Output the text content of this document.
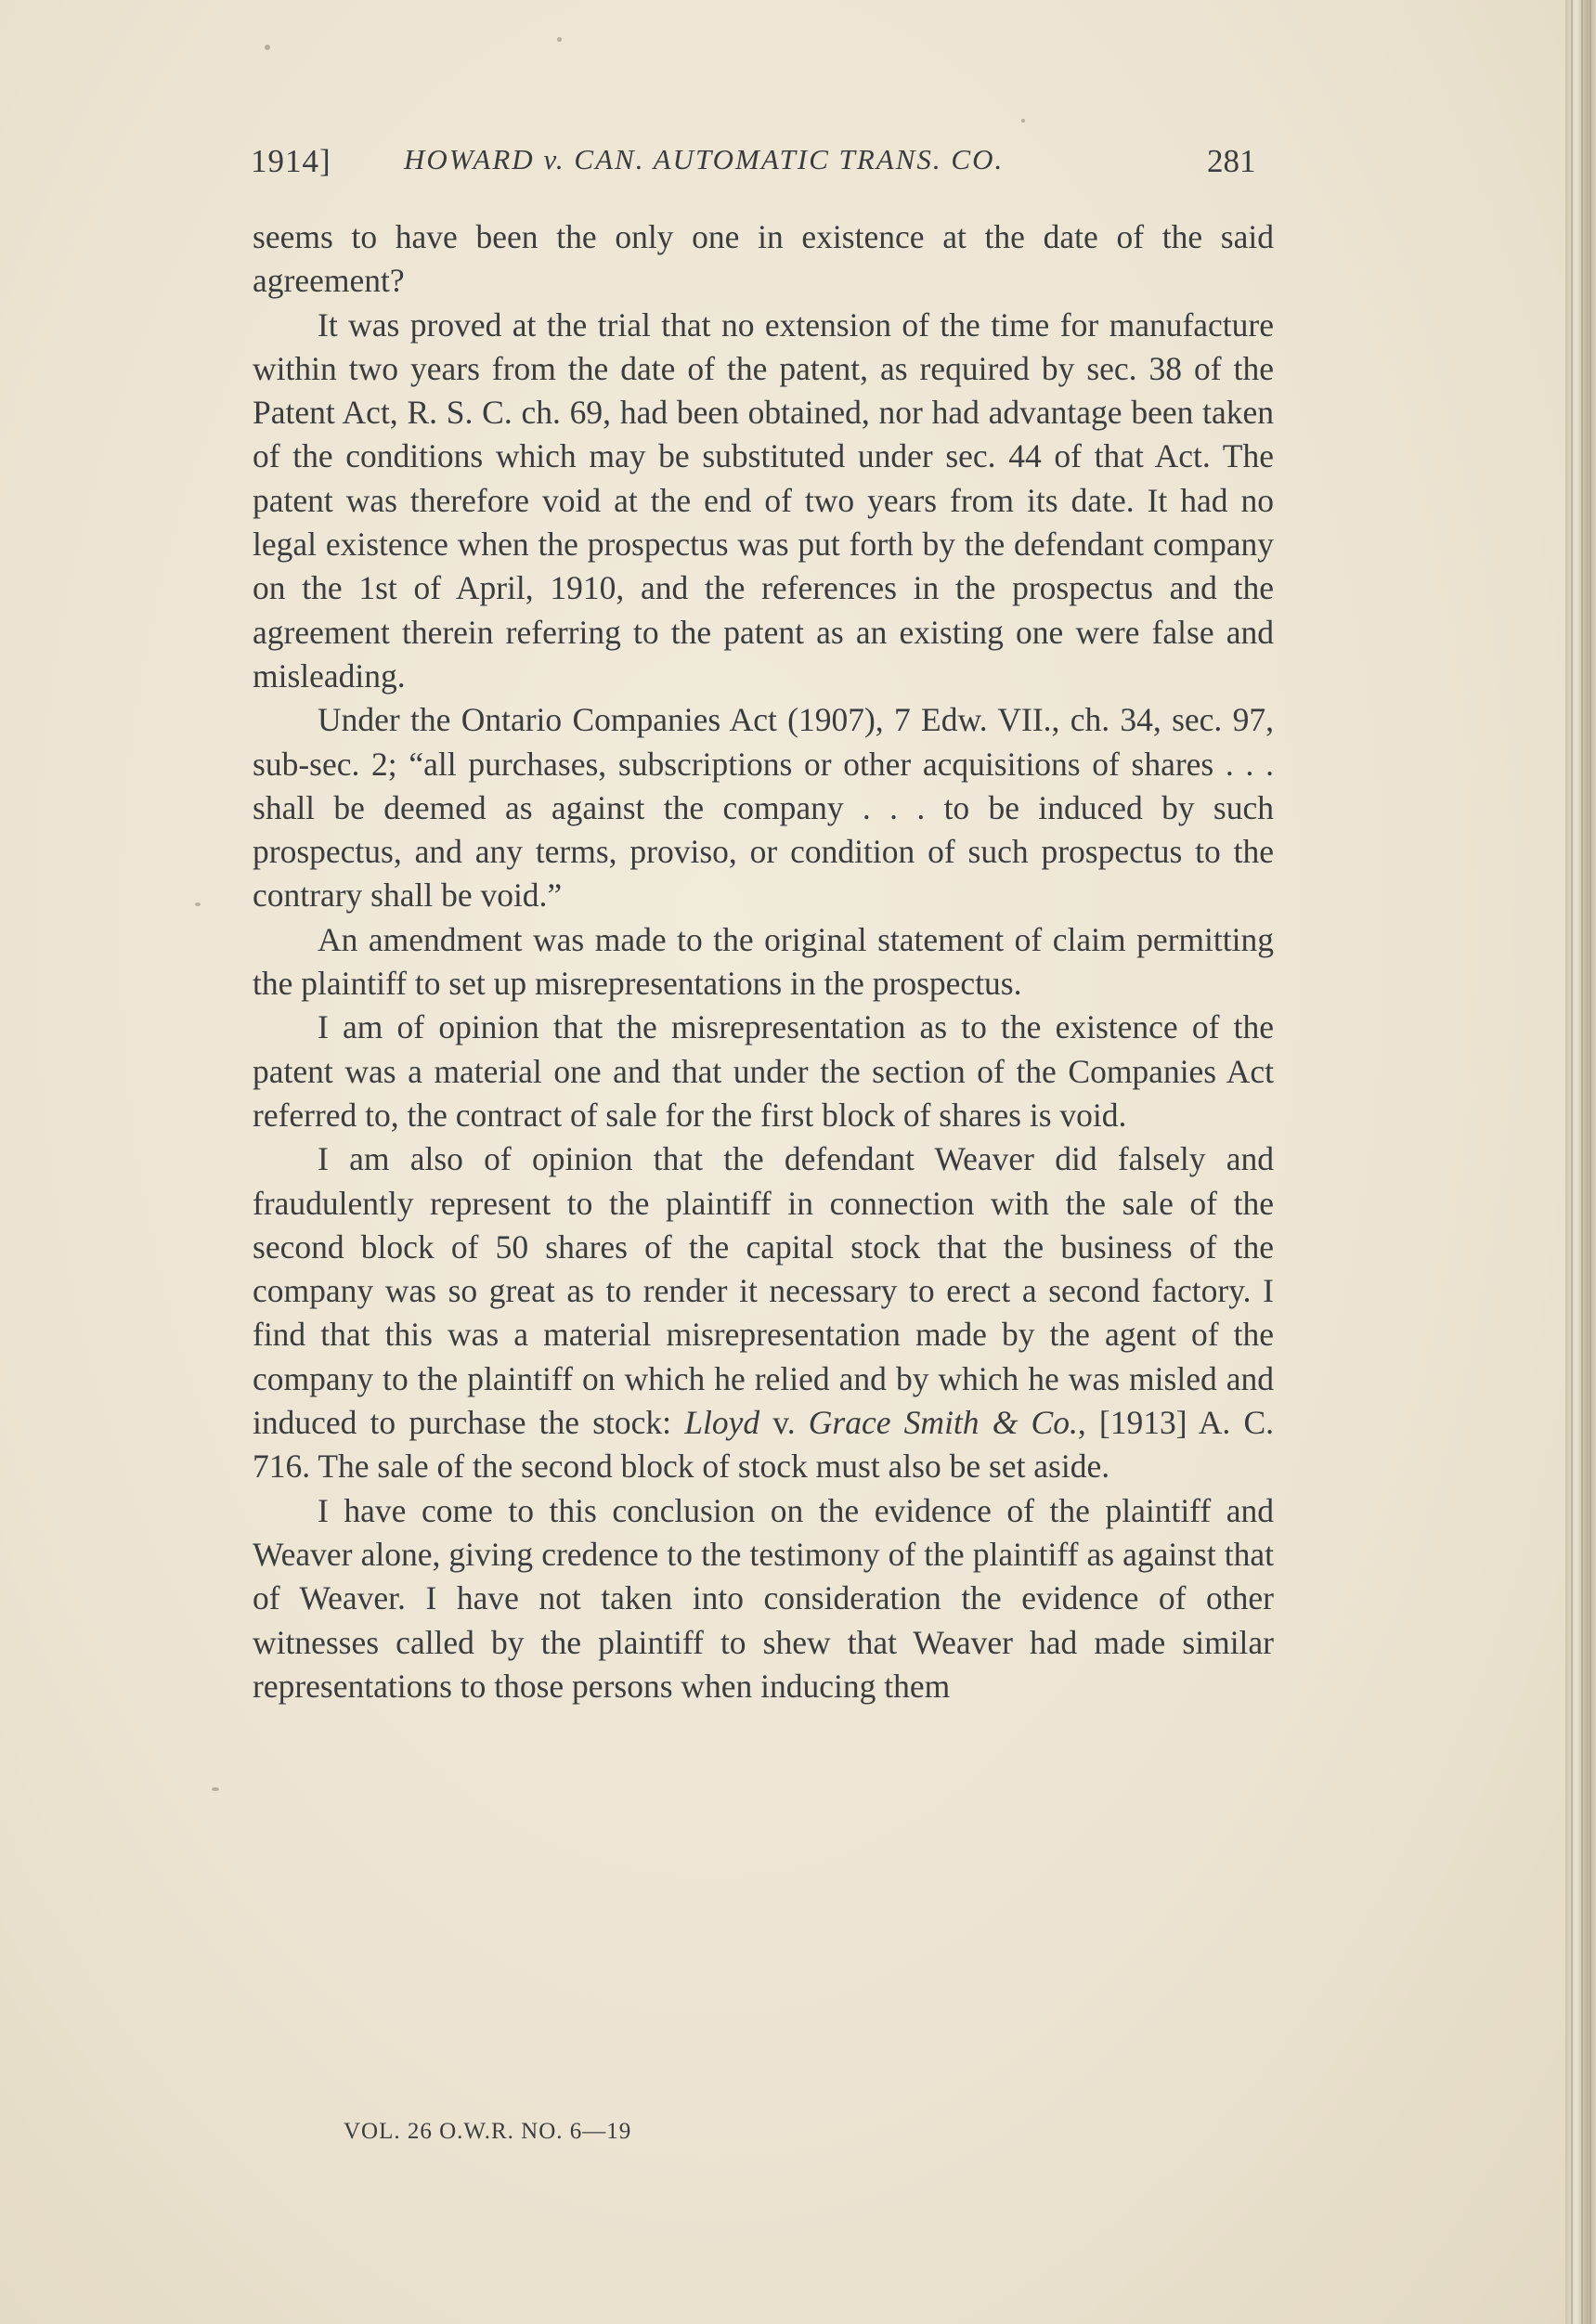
1914]	HOWARD v. CAN. AUTOMATIC TRANS. CO.	281

seems to have been the only one in existence at the date of the said agreement?

It was proved at the trial that no extension of the time for manufacture within two years from the date of the patent, as required by sec. 38 of the Patent Act, R. S. C. ch. 69, had been obtained, nor had advantage been taken of the conditions which may be substituted under sec. 44 of that Act. The patent was therefore void at the end of two years from its date. It had no legal existence when the prospectus was put forth by the defendant company on the 1st of April, 1910, and the references in the prospectus and the agreement therein referring to the patent as an existing one were false and misleading.

Under the Ontario Companies Act (1907), 7 Edw. VII., ch. 34, sec. 97, sub-sec. 2; “all purchases, subscriptions or other acquisitions of shares . . . shall be deemed as against the company . . . to be induced by such prospectus, and any terms, proviso, or condition of such prospectus to the contrary shall be void.”

An amendment was made to the original statement of claim permitting the plaintiff to set up misrepresentations in the prospectus.

I am of opinion that the misrepresentation as to the existence of the patent was a material one and that under the section of the Companies Act referred to, the contract of sale for the first block of shares is void.

I am also of opinion that the defendant Weaver did falsely and fraudulently represent to the plaintiff in connection with the sale of the second block of 50 shares of the capital stock that the business of the company was so great as to render it necessary to erect a second factory. I find that this was a material misrepresentation made by the agent of the company to the plaintiff on which he relied and by which he was misled and induced to purchase the stock: Lloyd v. Grace Smith & Co., [1913] A. C. 716. The sale of the second block of stock must also be set aside.

I have come to this conclusion on the evidence of the plaintiff and Weaver alone, giving credence to the testimony of the plaintiff as against that of Weaver. I have not taken into consideration the evidence of other witnesses called by the plaintiff to shew that Weaver had made similar representations to those persons when inducing them

VOL. 26 O.W.R. NO. 6—19
